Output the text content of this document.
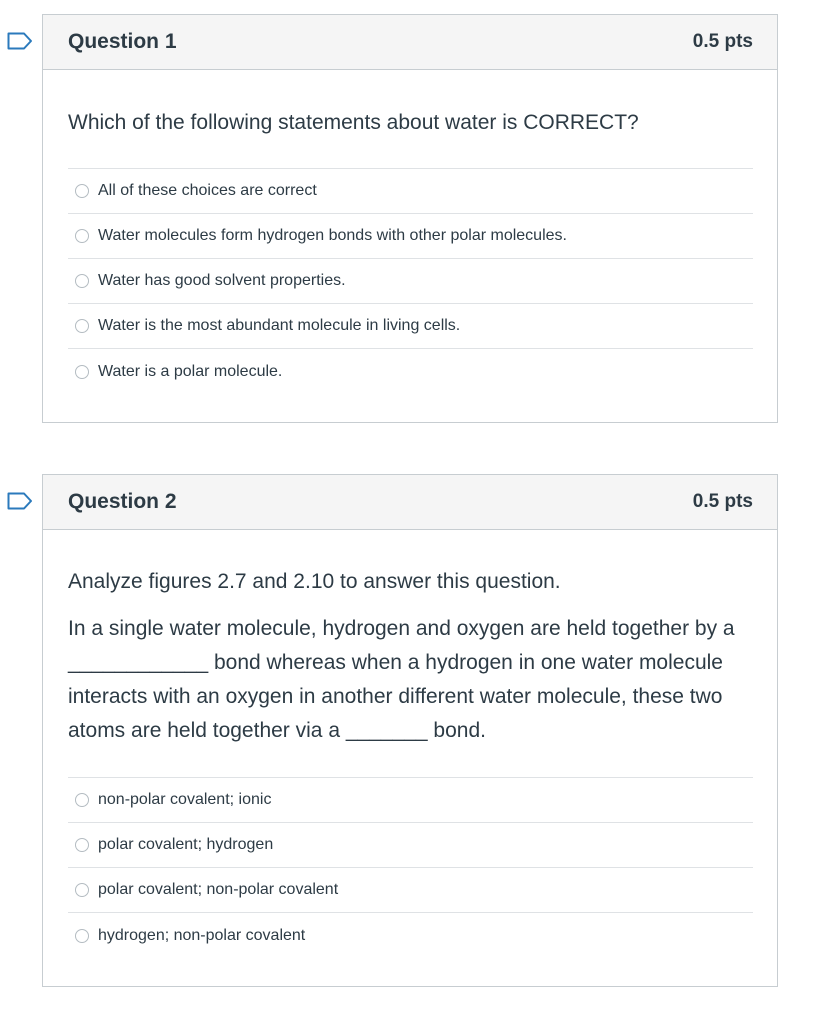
Question 1	0.5 pts

Which of the following statements about water is CORRECT?

All of these choices are correct
Water molecules form hydrogen bonds with other polar molecules.
Water has good solvent properties.
Water is the most abundant molecule in living cells.
Water is a polar molecule.
Question 2	0.5 pts

Analyze figures 2.7 and 2.10 to answer this question.

In a single water molecule, hydrogen and oxygen are held together by a ____________ bond whereas when a hydrogen in one water molecule interacts with an oxygen in another different water molecule, these two atoms are held together via a _______ bond.

non-polar covalent; ionic
polar covalent; hydrogen
polar covalent; non-polar covalent
hydrogen; non-polar covalent
